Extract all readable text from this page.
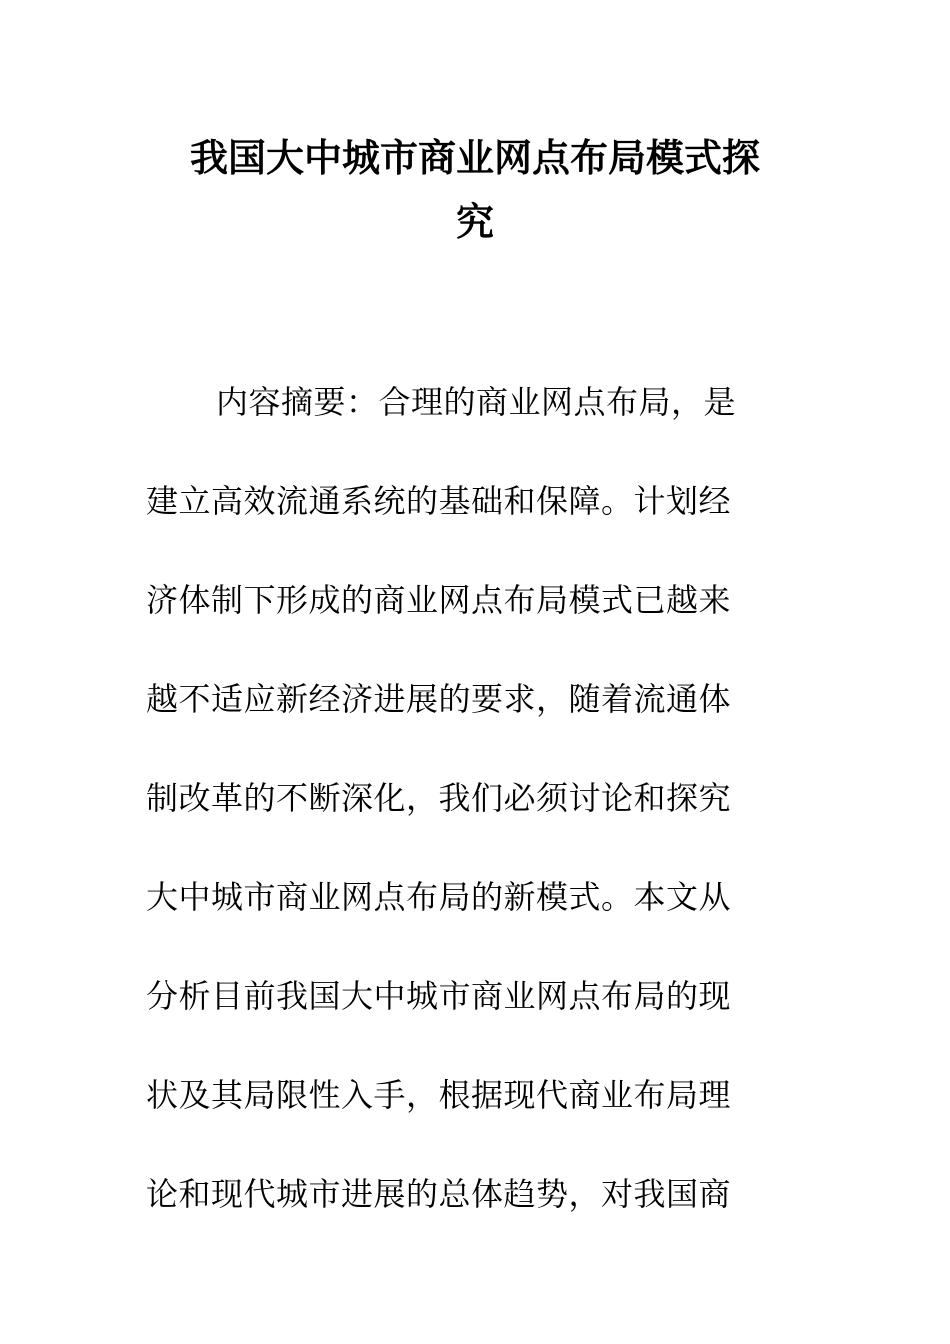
我国大中城市商业网点布局模式探
究
内容摘要：合理的商业网点布局，是
建立高效流通系统的基础和保障。计划经
济体制下形成的商业网点布局模式已越来
越不适应新经济进展的要求，随着流通体
制改革的不断深化，我们必须讨论和探究
大中城市商业网点布局的新模式。本文从
分析目前我国大中城市商业网点布局的现
状及其局限性入手，根据现代商业布局理
论和现代城市进展的总体趋势，对我国商
